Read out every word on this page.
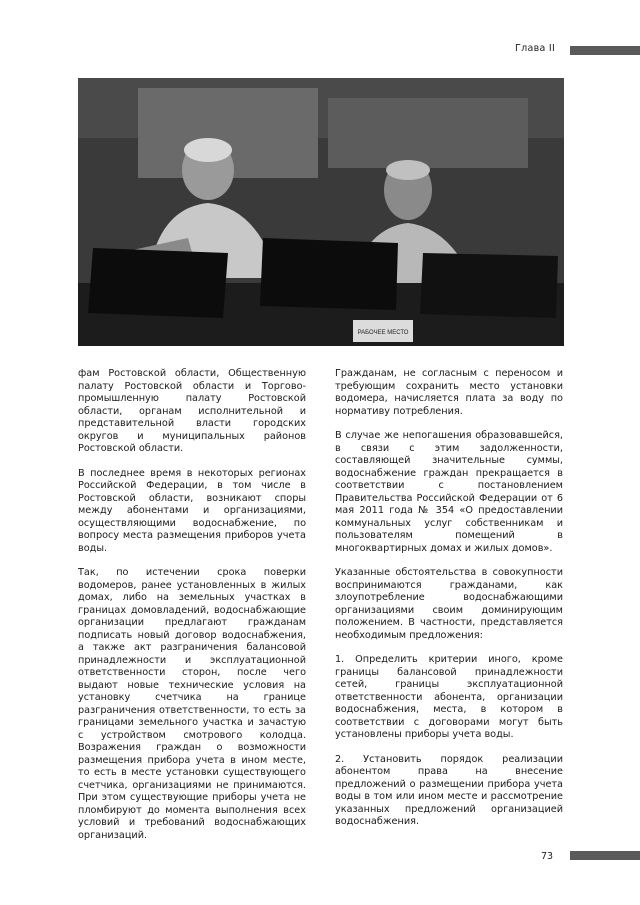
Глава II
РАБОЧЕЕ МЕСТО

фам Ростовской области, Общественную палату Ростовской области и Торгово-промышленную палату Ростовской области, органам исполнительной и представительной власти городских округов и муниципальных районов Ростовской области.

В последнее время в некоторых регионах Российской Федерации, в том числе в Ростовской области, возникают споры между абонентами и организациями, осуществляющими водоснабжение, по вопросу места размещения приборов учета воды.

Так, по истечении срока поверки водомеров, ранее установленных в жилых домах, либо на земельных участках в границах домовладений, водоснабжающие организации предлагают гражданам подписать новый договор водоснабжения, а также акт разграничения балансовой принадлежности и эксплуатационной ответственности сторон, после чего выдают новые технические условия на установку счетчика на границе разграничения ответственности, то есть за границами земельного участка и зачастую с устройством смотрового колодца. Возражения граждан о возможности размещения прибора учета в ином месте, то есть в месте установки существующего счетчика, организациями не принимаются. При этом существующие приборы учета не пломбируют до момента выполнения всех условий и требований водоснабжающих организаций.

Гражданам, не согласным с переносом и требующим сохранить место установки водомера, начисляется плата за воду по нормативу потребления.

В случае же непогашения образовавшейся, в связи с этим задолженности, составляющей значительные суммы, водоснабжение граждан прекращается в соответствии с постановлением Правительства Российской Федерации от 6 мая 2011 года № 354 «О предоставлении коммунальных услуг собственникам и пользователям помещений в многоквартирных домах и жилых домов».

Указанные обстоятельства в совокупности воспринимаются гражданами, как злоупотребление водоснабжающими организациями своим доминирующим положением. В частности, представляется необходимым предложения:

1. Определить критерии иного, кроме границы балансовой принадлежности сетей, границы эксплуатационной ответственности абонента, организации водоснабжения, места, в котором в соответствии с договорами могут быть установлены приборы учета воды.

2. Установить порядок реализации абонентом права на внесение предложений о размещении прибора учета воды в том или ином месте и рассмотрение указанных предложений организацией водоснабжения.

73
